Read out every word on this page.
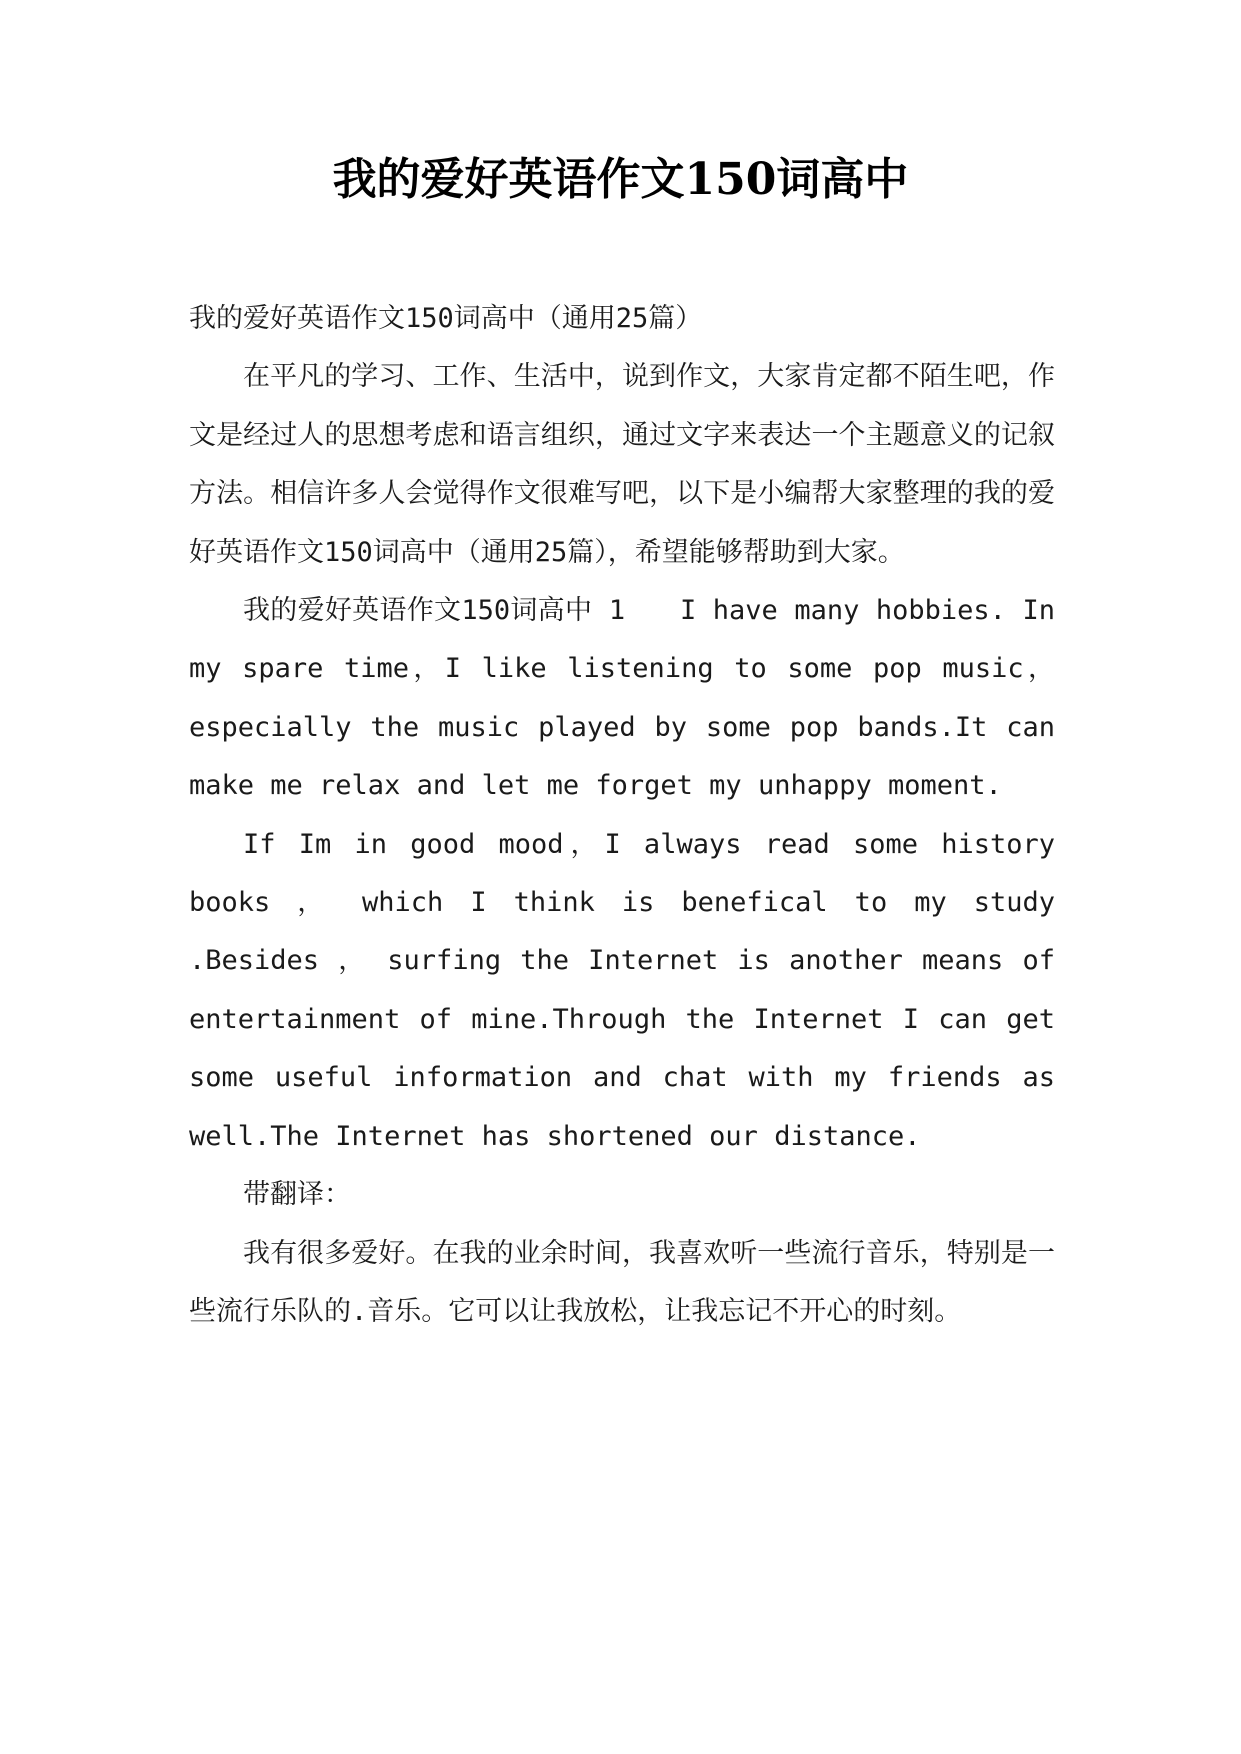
我的爱好英语作文150词高中

我的爱好英语作文150词高中（通用25篇）

在平凡的学习、工作、生活中，说到作文，大家肯定都不陌生吧，作文是经过人的思想考虑和语言组织，通过文字来表达一个主题意义的记叙方法。相信许多人会觉得作文很难写吧，以下是小编帮大家整理的我的爱好英语作文150词高中（通用25篇），希望能够帮助到大家。

我的爱好英语作文150词高中 1　　I have many hobbies. In my spare time，I like listening to some pop music，especially the music played by some pop bands.It can make me relax and let me forget my unhappy moment.

If Im in good mood，I always read some history books ， which I think is benefical to my study .Besides ， surfing the Internet is another means of entertainment of mine.Through the Internet I can get some useful information and chat with my friends as well.The Internet has shortened our distance.

带翻译：

我有很多爱好。在我的业余时间，我喜欢听一些流行音乐，特别是一些流行乐队的.音乐。它可以让我放松，让我忘记不开心的时刻。
